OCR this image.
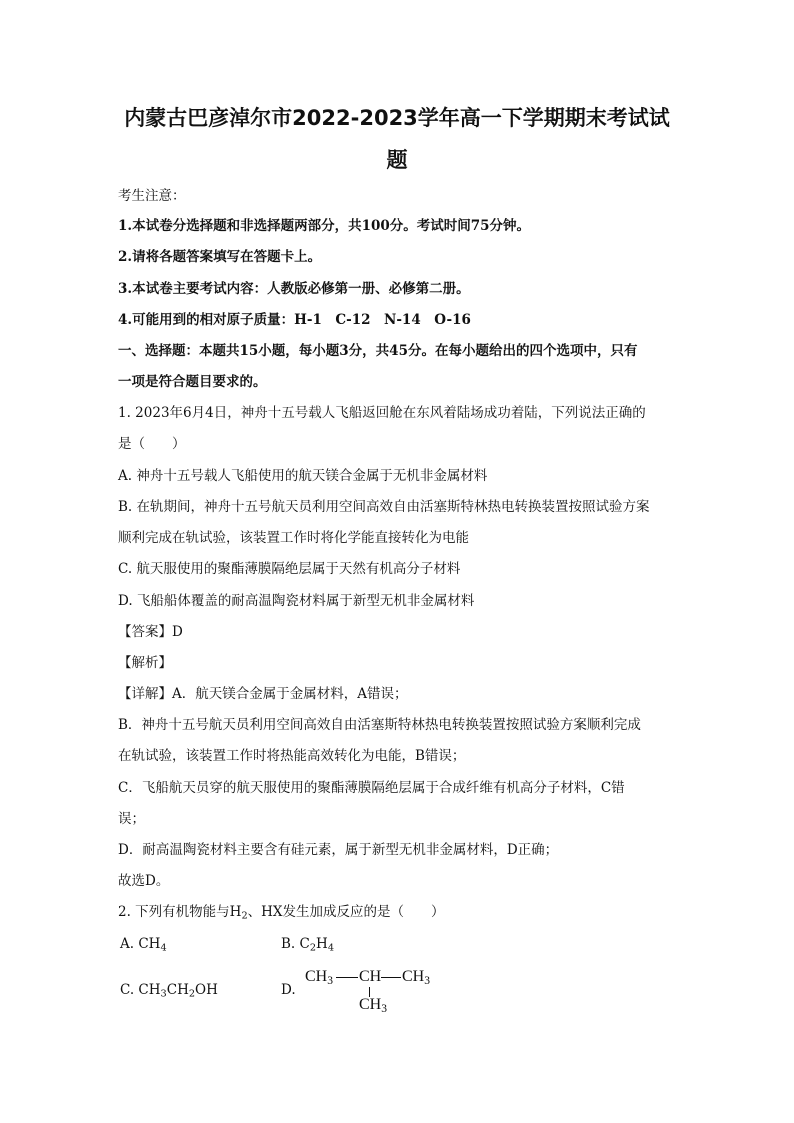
内蒙古巴彦淖尔市2022-2023学年高一下学期期末考试试
题
考生注意：
1.本试卷分选择题和非选择题两部分，共100分。考试时间75分钟。
2.请将各题答案填写在答题卡上。
3.本试卷主要考试内容：人教版必修第一册、必修第二册。
4.可能用到的相对原子质量：H-1　C-12　N-14　O-16
一、选择题：本题共15小题，每小题3分，共45分。在每小题给出的四个选项中，只有
一项是符合题目要求的。
1. 2023年6月4日，神舟十五号载人飞船返回舱在东风着陆场成功着陆，下列说法正确的
是（　　）
A. 神舟十五号载人飞船使用的航天镁合金属于无机非金属材料
B. 在轨期间，神舟十五号航天员利用空间高效自由活塞斯特林热电转换装置按照试验方案
顺利完成在轨试验，该装置工作时将化学能直接转化为电能
C. 航天服使用的聚酯薄膜隔绝层属于天然有机高分子材料
D. 飞船船体覆盖的耐高温陶瓷材料属于新型无机非金属材料
【答案】D
【解析】
【详解】A．航天镁合金属于金属材料，A错误；
B．神舟十五号航天员利用空间高效自由活塞斯特林热电转换装置按照试验方案顺利完成
在轨试验，该装置工作时将热能高效转化为电能，B错误；
C．飞船航天员穿的航天服使用的聚酯薄膜隔绝层属于合成纤维有机高分子材料，C错
误；
D．耐高温陶瓷材料主要含有硅元素，属于新型无机非金属材料，D正确；
故选D。
2. 下列有机物能与$H_2$、HX发生加成反应的是（　　）
A. $CH_4$	B. $C_2H_4$
C. $CH_3CH_2OH$	D.
$CH_3$ CH $CH_3$
$CH_3$
